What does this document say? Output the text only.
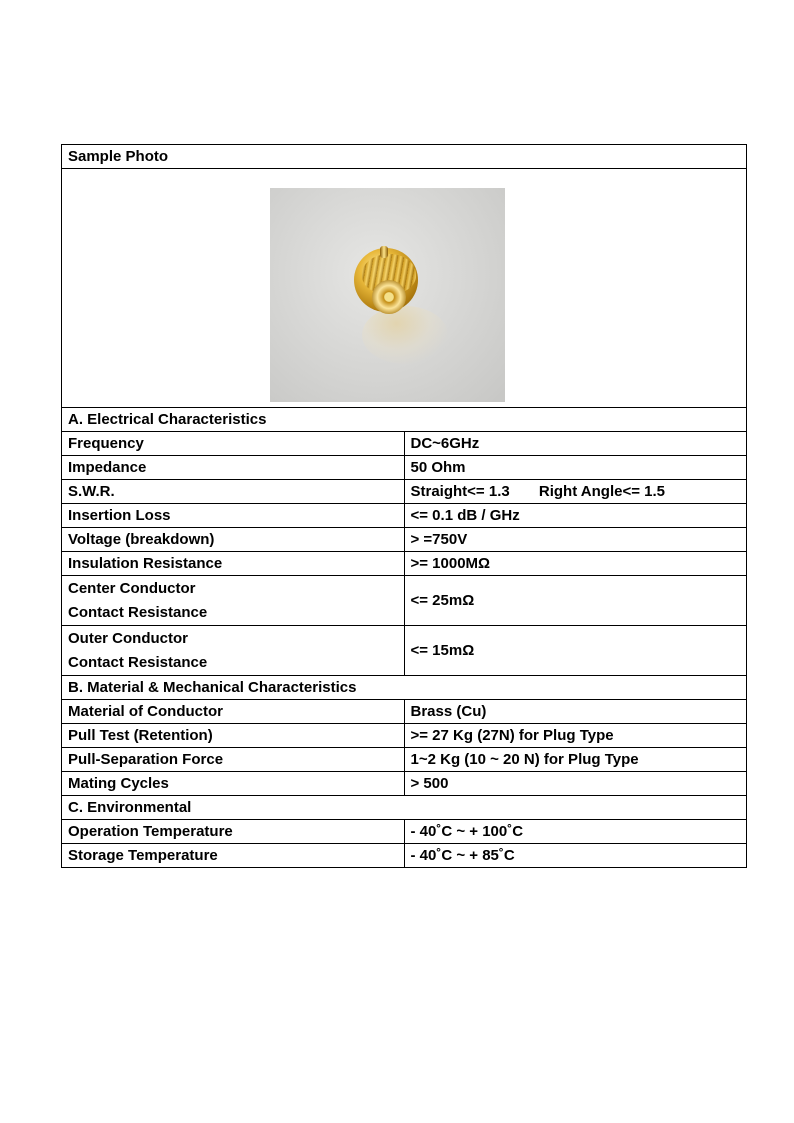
Sample Photo	

A. Electrical Characteristics	
Frequency	DC~6GHz
Impedance	50 Ohm
S.W.R.	Straight<= 1.3       Right Angle<= 1.5
Insertion Loss	<= 0.1 dB / GHz
Voltage (breakdown)	> =750V
Insulation Resistance	>= 1000MΩ

Center Conductor
Contact Resistance	<= 25mΩ

Outer Conductor
Contact Resistance	<= 15mΩ
B. Material & Mechanical Characteristics	
Material of Conductor	Brass (Cu)
Pull Test (Retention)	>= 27 Kg (27N) for Plug Type
Pull-Separation Force	1~2 Kg (10 ~ 20 N) for Plug Type
Mating Cycles	> 500
C. Environmental	
Operation Temperature	- 40˚C ~ + 100˚C
Storage Temperature	- 40˚C ~ + 85˚C
